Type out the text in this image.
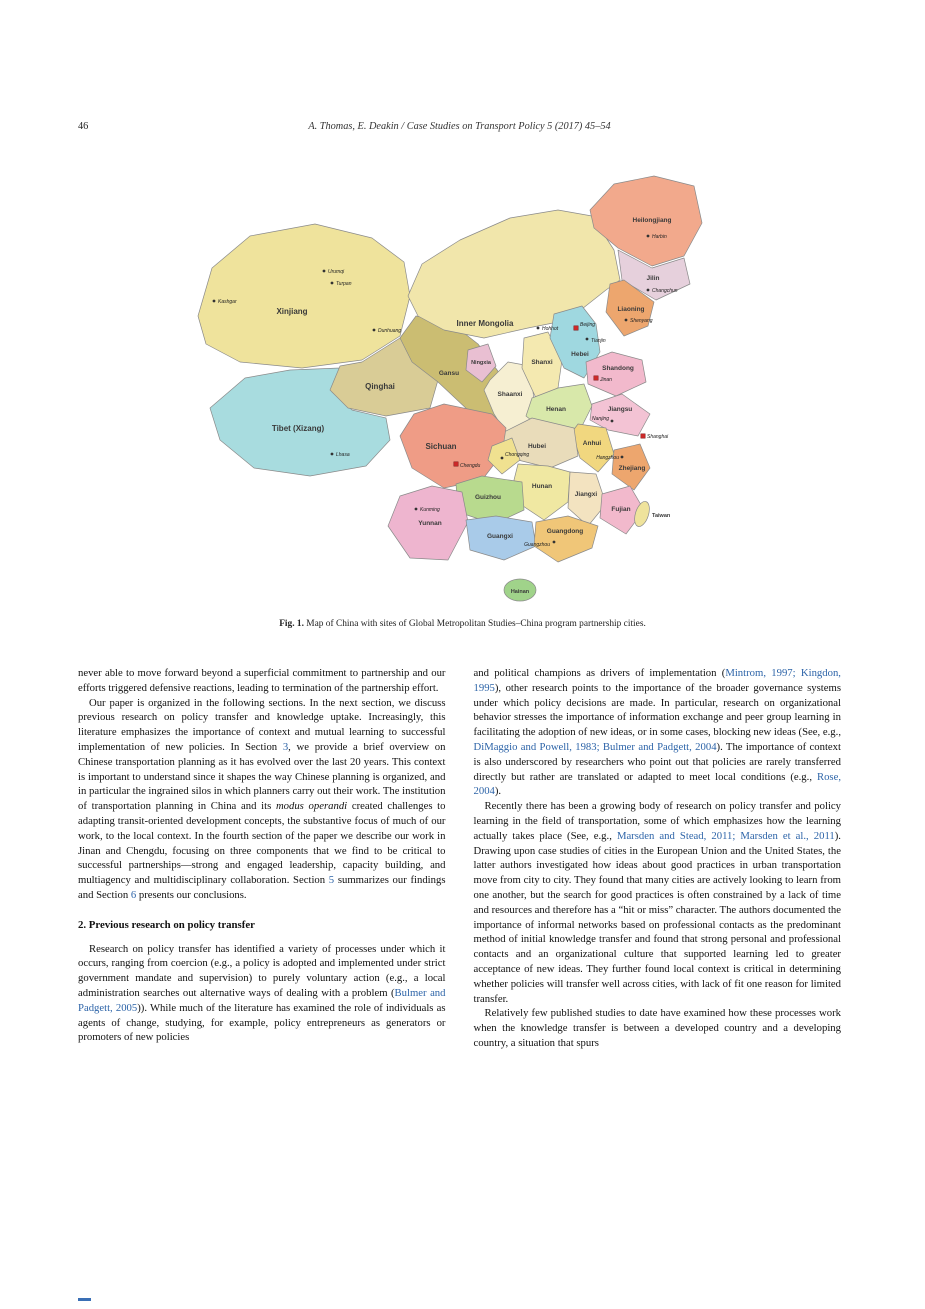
46	A. Thomas, E. Deakin / Case Studies on Transport Policy 5 (2017) 45–54
Xinjiang
Tibet (Xizang)
Qinghai
Gansu
Inner Mongolia
Heilongjiang
Jilin
Liaoning
Ningxia
Shaanxi
Shanxi
Hebei
Shandong
Henan	Jiangsu
Anhui
Hubei
Sichuan
Hunan
Jiangxi
Zhejiang
Fujian
Guizhou
Yunnan
Guangxi
Guangdong
Hainan
Taiwan
Kashgar
Urumqi
Turpan
Dunhuang
Lhasa
Hohhot
Harbin
Changchun
Shenyang
Beijing
Tianjin
Jinan
Nanjing
Shanghai
Hangzhou
Chengdu
Chongqing
Kunming
Guangzhou
Fig. 1. Map of China with sites of Global Metropolitan Studies–China program partnership cities.

never able to move forward beyond a superficial commitment to partnership and our efforts triggered defensive reactions, leading to termination of the partnership effort.

Our paper is organized in the following sections. In the next section, we discuss previous research on policy transfer and knowledge uptake. Increasingly, this literature emphasizes the importance of context and mutual learning to successful implementation of new policies. In Section 3, we provide a brief overview on Chinese transportation planning as it has evolved over the last 20 years. This context is important to understand since it shapes the way Chinese planning is organized, and in particular the ingrained silos in which planners carry out their work. The institution of transportation planning in China and its modus operandi created challenges to adapting transit-oriented development concepts, the substantive focus of much of our work, to the local context. In the fourth section of the paper we describe our work in Jinan and Chengdu, focusing on three components that we find to be critical to successful partnerships—strong and engaged leadership, capacity building, and multiagency and multidisciplinary collaboration. Section 5 summarizes our findings and Section 6 presents our conclusions.

2. Previous research on policy transfer

Research on policy transfer has identified a variety of processes under which it occurs, ranging from coercion (e.g., a policy is adopted and implemented under strict government mandate and supervision) to purely voluntary action (e.g., a local administration searches out alternative ways of dealing with a problem (Bulmer and Padgett, 2005)). While much of the literature has examined the role of individuals as agents of change, studying, for example, policy entrepreneurs as generators or promoters of new policies

and political champions as drivers of implementation (Mintrom, 1997; Kingdon, 1995), other research points to the importance of the broader governance systems under which policy decisions are made. In particular, research on organizational behavior stresses the importance of information exchange and peer group learning in facilitating the adoption of new ideas, or in some cases, blocking new ideas (See, e.g., DiMaggio and Powell, 1983; Bulmer and Padgett, 2004). The importance of context is also underscored by researchers who point out that policies are rarely transferred directly but rather are translated or adapted to meet local conditions (e.g., Rose, 2004).

Recently there has been a growing body of research on policy transfer and policy learning in the field of transportation, some of which emphasizes how the learning actually takes place (See, e.g., Marsden and Stead, 2011; Marsden et al., 2011). Drawing upon case studies of cities in the European Union and the United States, the latter authors investigated how ideas about good practices in urban transportation move from city to city. They found that many cities are actively looking to learn from one another, but the search for good practices is often constrained by a lack of time and resources and therefore has a “hit or miss” character. The authors documented the importance of informal networks based on professional contacts as the predominant method of initial knowledge transfer and found that strong personal and professional contacts and an organizational culture that supported learning led to greater acceptance of new ideas. They further found local context is critical in determining whether policies will transfer well across cities, with lack of fit one reason for limited transfer.

Relatively few published studies to date have examined how these processes work when the knowledge transfer is between a developed country and a developing country, a situation that spurs
